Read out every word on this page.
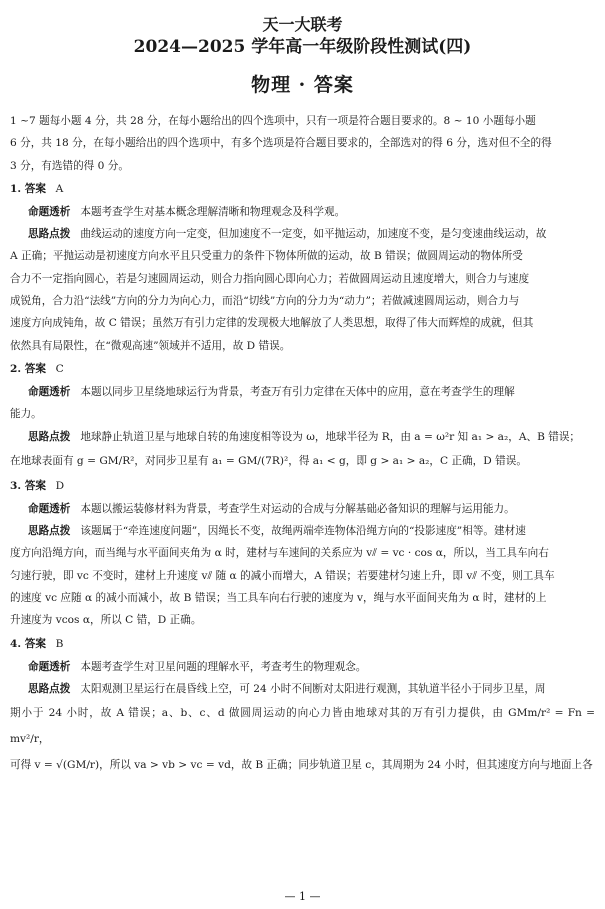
天一大联考
2024—2025 学年高一年级阶段性测试(四)
物理 · 答案
1 ~7 题每小题 4 分，共 28 分，在每小题给出的四个选项中，只有一项是符合题目要求的。8 ~ 10 小题每小题
6 分，共 18 分，在每小题给出的四个选项中，有多个选项是符合题目要求的，全部选对的得 6 分，选对但不全的得
3 分，有选错的得 0 分。
1. 答案 A
命题透析 本题考查学生对基本概念理解清晰和物理观念及科学观。
思路点拨 曲线运动的速度方向一定变，但加速度不一定变，如平抛运动，加速度不变，是匀变速曲线运动，故
A 正确；平抛运动是初速度方向水平且只受重力的条件下物体所做的运动，故 B 错误；做圆周运动的物体所受
合力不一定指向圆心，若是匀速圆周运动，则合力指向圆心即向心力；若做圆周运动且速度增大，则合力与速度
成锐角，合力沿“法线”方向的分力为向心力，而沿“切线”方向的分力为“动力”；若做减速圆周运动，则合力与
速度方向成钝角，故 C 错误；虽然万有引力定律的发现极大地解放了人类思想，取得了伟大而辉煌的成就，但其
依然具有局限性，在“微观高速”领域并不适用，故 D 错误。
2. 答案 C
命题透析 本题以同步卫星绕地球运行为背景，考查万有引力定律在天体中的应用，意在考查学生的理解
能力。
思路点拨 地球静止轨道卫星与地球自转的角速度相等设为 ω，地球半径为 R，由 a = ω²r 知 a₁ > a₂，A、B 错误；
在地球表面有 g = GM/R²，对同步卫星有 a₁ = GM/(7R)²，得 a₁ < g，即 g > a₁ > a₂，C 正确，D 错误。
3. 答案 D
命题透析 本题以搬运装修材料为背景，考查学生对运动的合成与分解基础必备知识的理解与运用能力。
思路点拨 该题属于“牵连速度问题”，因绳长不变，故绳两端牵连物体沿绳方向的“投影速度”相等。建材速
度方向沿绳方向，而当绳与水平面间夹角为 α 时，建材与车速间的关系应为 v⫽ = vc · cos α，所以，当工具车向右
匀速行驶，即 vc 不变时，建材上升速度 v⫽ 随 α 的减小而增大，A 错误；若要建材匀速上升，即 v⫽ 不变，则工具车
的速度 vc 应随 α 的减小而减小，故 B 错误；当工具车向右行驶的速度为 v，绳与水平面间夹角为 α 时，建材的上
升速度为 vcos α，所以 C 错，D 正确。
4. 答案 B
命题透析 本题考查学生对卫星问题的理解水平，考查考生的物理观念。
思路点拨 太阳观测卫星运行在晨昏线上空，可 24 小时不间断对太阳进行观测，其轨道半径小于同步卫星，周
期小于 24 小时，故 A 错误；a、b、c、d 做圆周运动的向心力皆由地球对其的万有引力提供，由 GMm/r² = Fn = mv²/r，
可得 v = √(GM/r)，所以 va > vb > vc = vd，故 B 正确；同步轨道卫星 c，其周期为 24 小时，但其速度方向与地面上各
— 1 —
